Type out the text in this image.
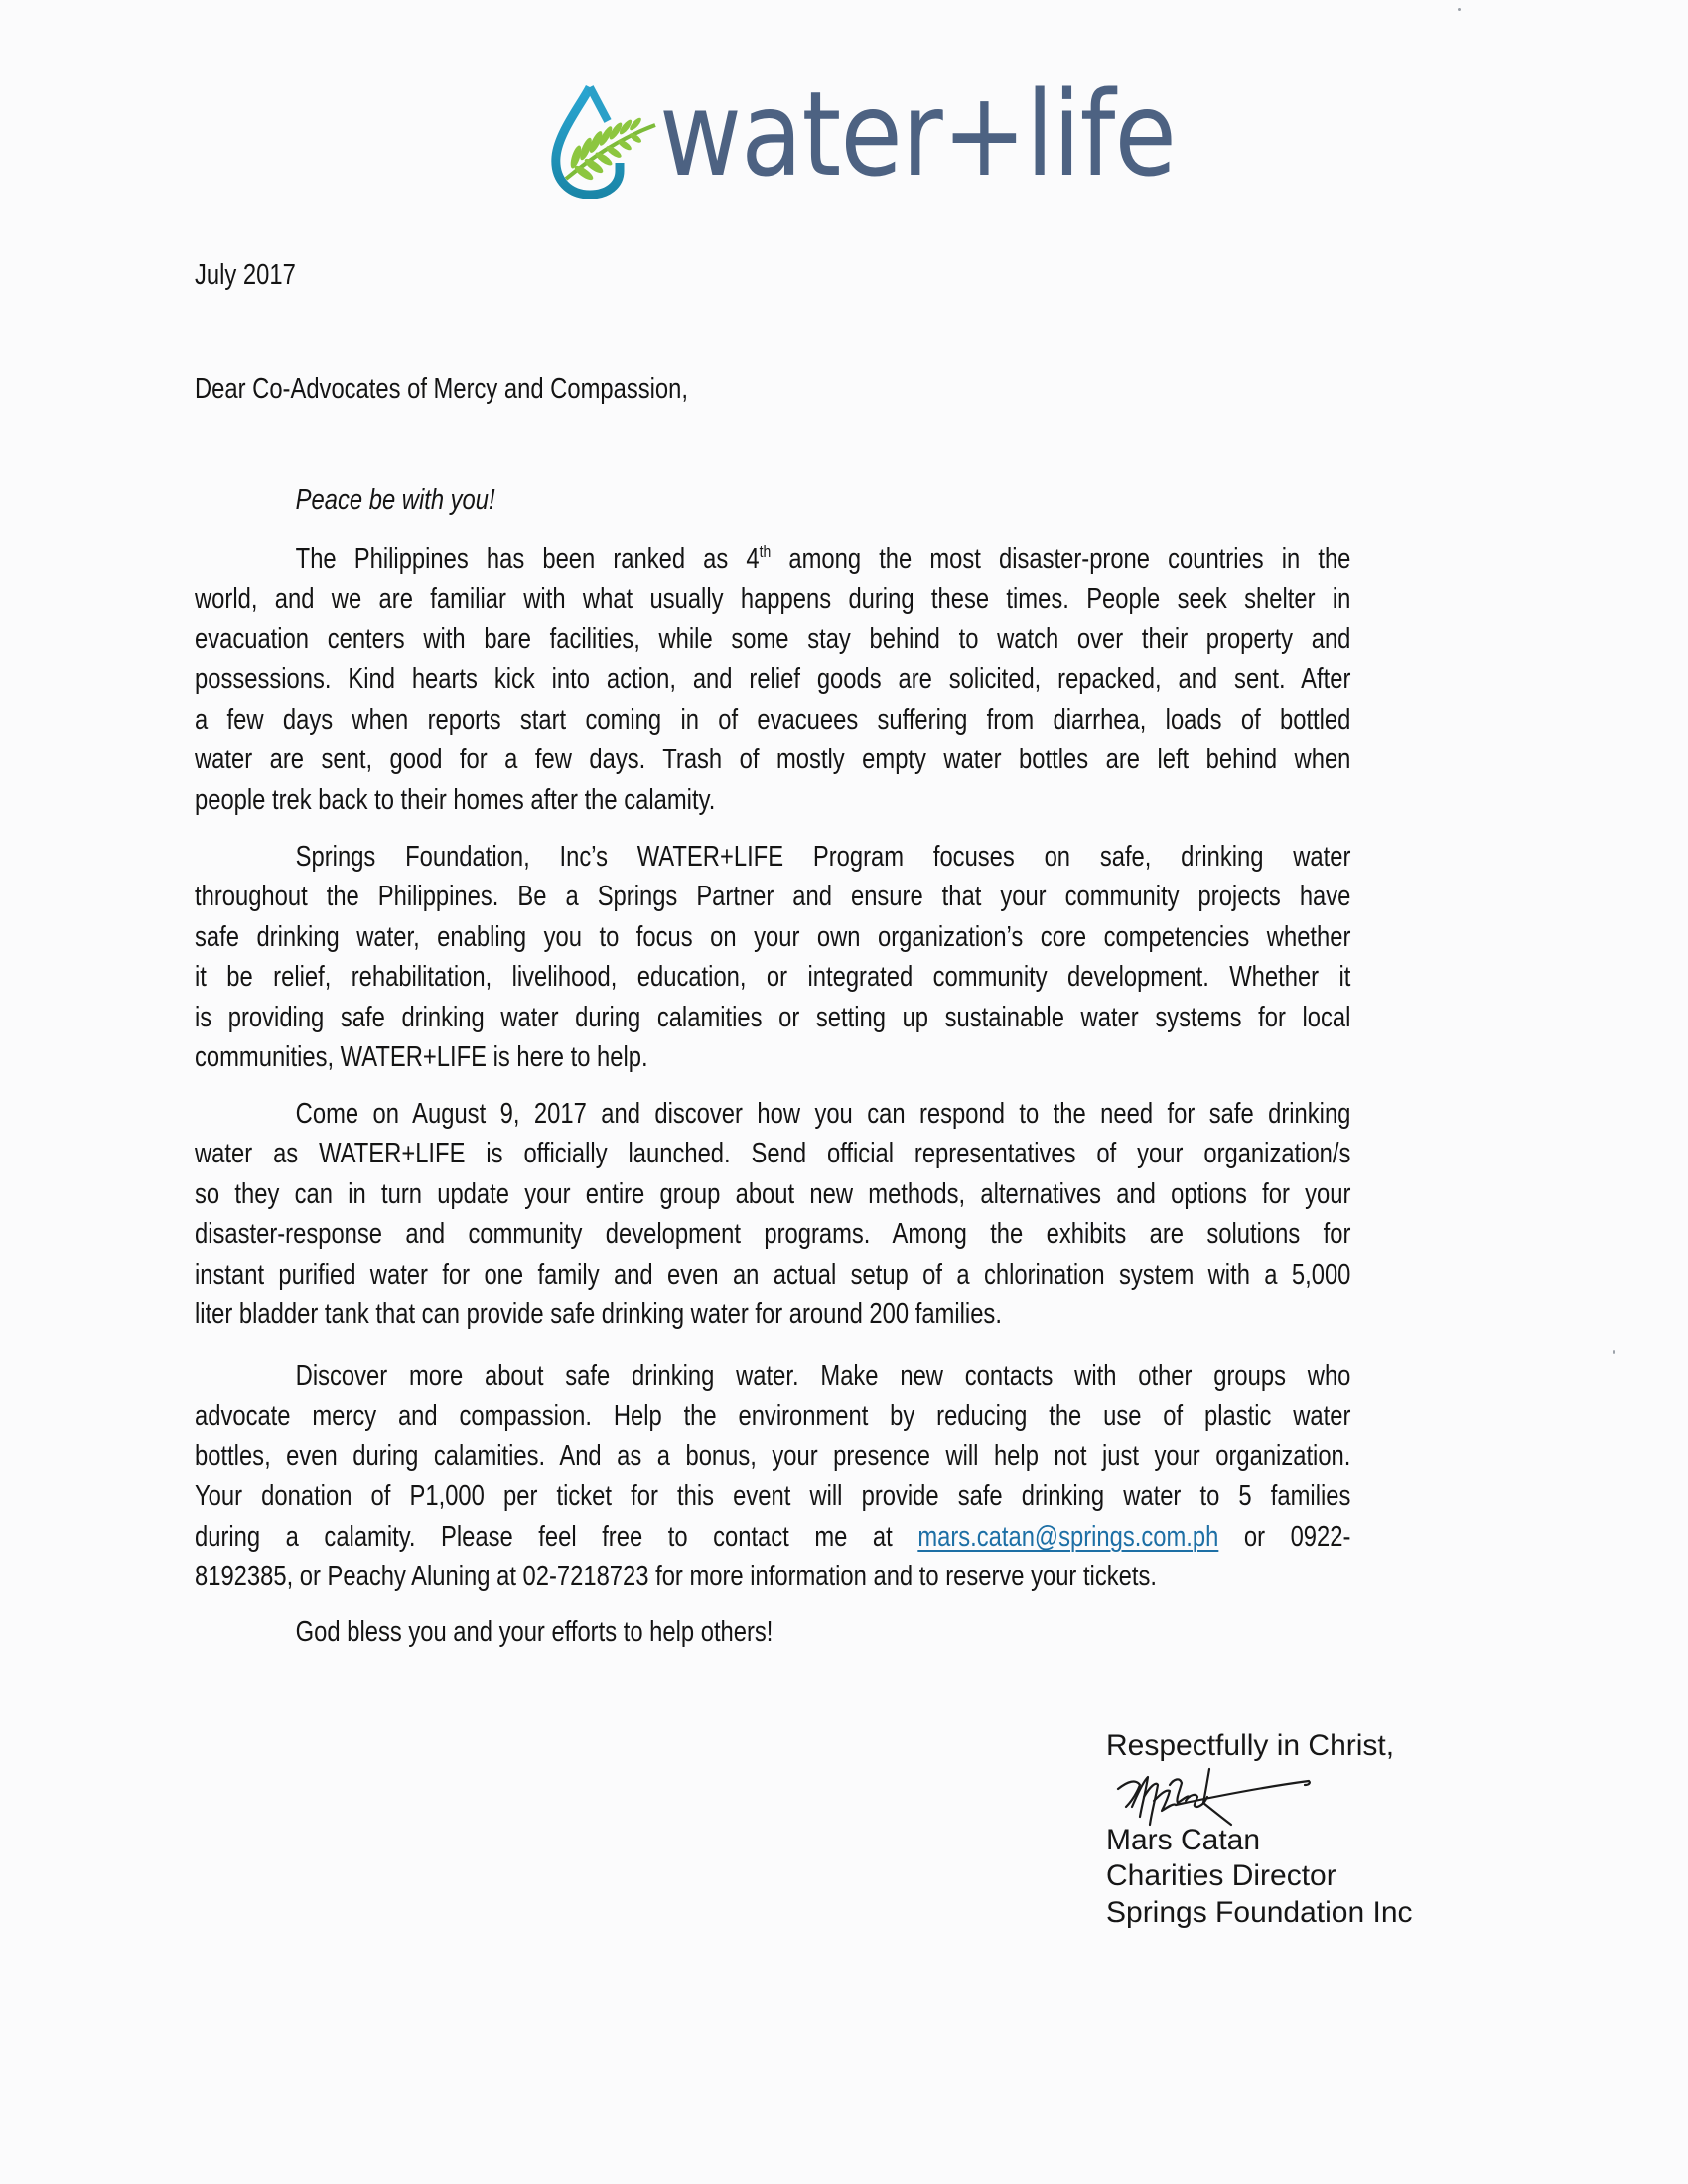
water+life
July 2017
Dear Co-Advocates of Mercy and Compassion,
Peace be with you!
The Philippines has been ranked as 4th among the most disaster-prone countries in the
world, and we are familiar with what usually happens during these times. People seek shelter in
evacuation centers with bare facilities, while some stay behind to watch over their property and
possessions. Kind hearts kick into action, and relief goods are solicited, repacked, and sent. After
a few days when reports start coming in of evacuees suffering from diarrhea, loads of bottled
water are sent, good for a few days. Trash of mostly empty water bottles are left behind when
people trek back to their homes after the calamity.
Springs Foundation, Inc’s WATER+LIFE Program focuses on safe, drinking water
throughout the Philippines. Be a Springs Partner and ensure that your community projects have
safe drinking water, enabling you to focus on your own organization’s core competencies whether
it be relief, rehabilitation, livelihood, education, or integrated community development. Whether it
is providing safe drinking water during calamities or setting up sustainable water systems for local
communities, WATER+LIFE is here to help.
Come on August 9, 2017 and discover how you can respond to the need for safe drinking
water as WATER+LIFE is officially launched. Send official representatives of your organization/s
so they can in turn update your entire group about new methods, alternatives and options for your
disaster-response and community development programs. Among the exhibits are solutions for
instant purified water for one family and even an actual setup of a chlorination system with a 5,000
liter bladder tank that can provide safe drinking water for around 200 families.
Discover more about safe drinking water. Make new contacts with other groups who
advocate mercy and compassion. Help the environment by reducing the use of plastic water
bottles, even during calamities. And as a bonus, your presence will help not just your organization.
Your donation of P1,000 per ticket for this event will provide safe drinking water to 5 families
during a calamity. Please feel free to contact me at mars.catan@springs.com.ph or 0922-
8192385, or Peachy Aluning at 02-7218723 for more information and to reserve your tickets.
God bless you and your efforts to help others!
Respectfully in Christ,
Mars Catan
Charities Director
Springs Foundation Inc
